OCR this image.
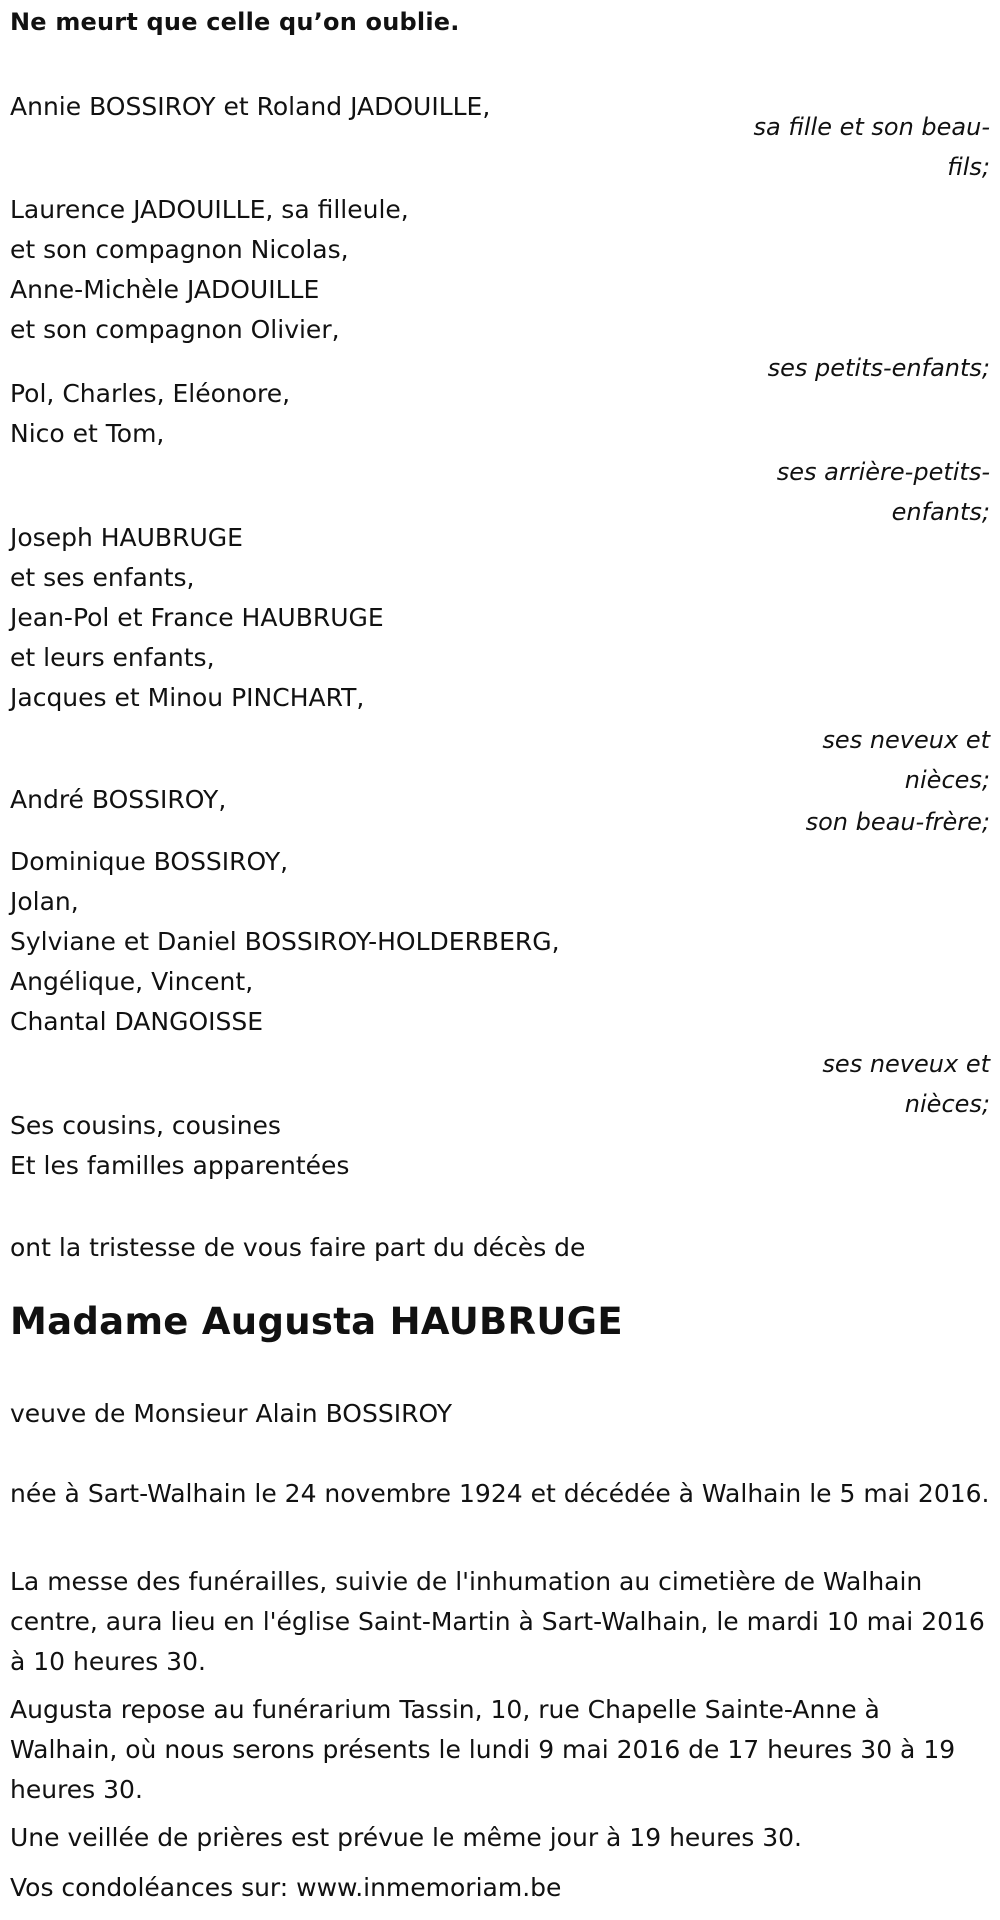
Ne meurt que celle qu’on oublie.
Annie BOSSIROY et Roland JADOUILLE,
sa fille et son beau-fils;
Laurence JADOUILLE, sa filleule,
et son compagnon Nicolas,
Anne-Michèle JADOUILLE
et son compagnon Olivier,
ses petits-enfants;
Pol, Charles, Eléonore,
Nico et Tom,
ses arrière-petits-enfants;
Joseph HAUBRUGE
et ses enfants,
Jean-Pol et France HAUBRUGE
et leurs enfants,
Jacques et Minou PINCHART,
ses neveux et nièces;
André BOSSIROY,
son beau-frère;
Dominique BOSSIROY,
Jolan,
Sylviane et Daniel BOSSIROY-HOLDERBERG,
Angélique, Vincent,
Chantal DANGOISSE
ses neveux et nièces;
Ses cousins, cousines
Et les familles apparentées
ont la tristesse de vous faire part du décès de
Madame Augusta HAUBRUGE
veuve de Monsieur Alain BOSSIROY

née à Sart-Walhain le 24 novembre 1924 et décédée à Walhain le 5 mai 2016.

La messe des funérailles, suivie de l'inhumation au cimetière de Walhain centre, aura lieu en l'église Saint-Martin à Sart-Walhain, le mardi 10 mai 2016 à 10 heures 30.

Augusta repose au funérarium Tassin, 10, rue Chapelle Sainte-Anne à Walhain, où nous serons présents le lundi 9 mai 2016 de 17 heures 30 à 19 heures 30.

Une veillée de prières est prévue le même jour à 19 heures 30.

Vos condoléances sur: www.inmemoriam.be
